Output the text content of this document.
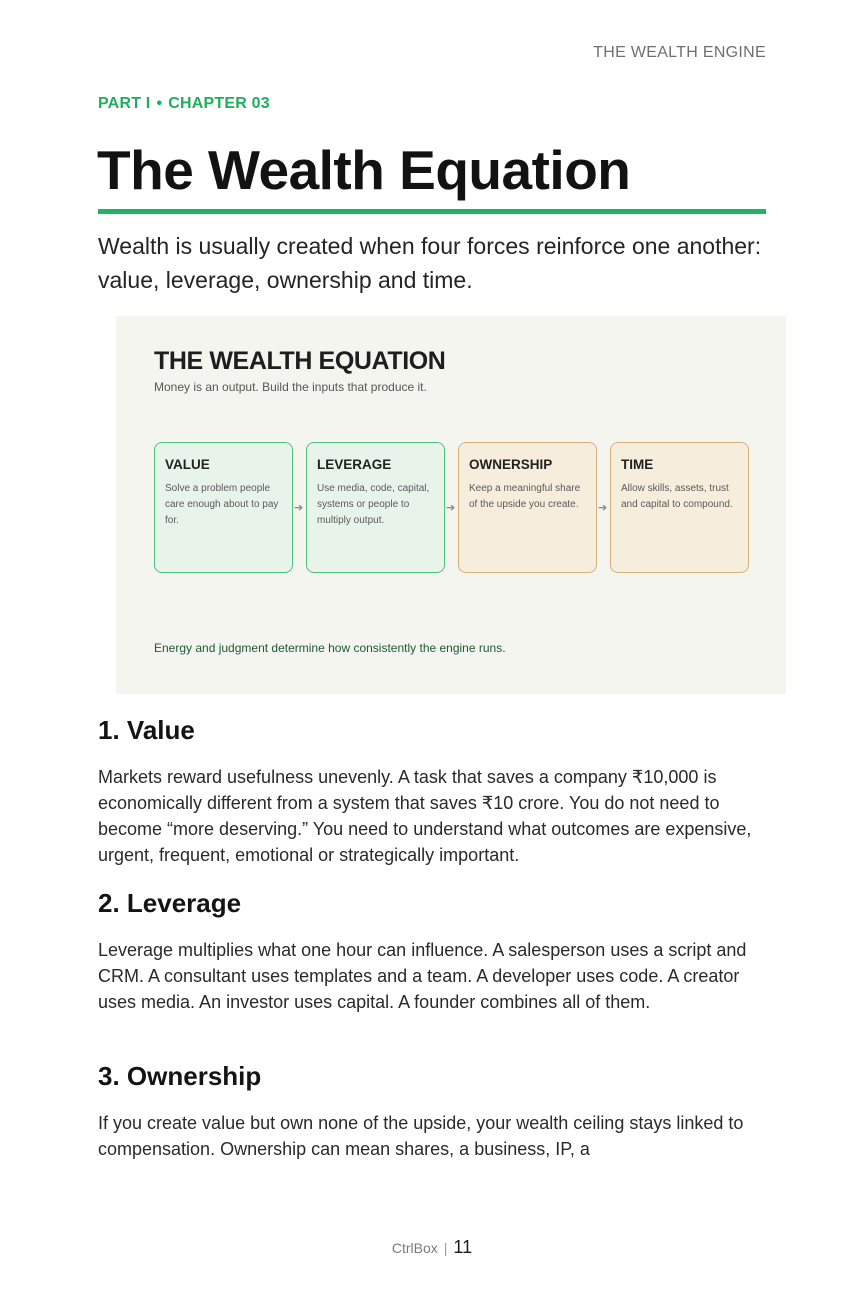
THE WEALTH ENGINE
PART I • CHAPTER 03
The Wealth Equation

Wealth is usually created when four forces reinforce one another: value, leverage, ownership and time.

THE WEALTH EQUATION
Money is an output. Build the inputs that produce it.
VALUE
Solve a problem people care enough about to pay for.
➔
LEVERAGE
Use media, code, capital, systems or people to multiply output.
➔
OWNERSHIP
Keep a meaningful share of the upside you create.	➔
TIME
Allow skills, assets, trust and capital to compound.
Energy and judgment determine how consistently the engine runs.
1. Value

Markets reward usefulness unevenly. A task that saves a company ₹10,000 is economically different from a system that saves ₹10 crore. You do not need to become “more deserving.” You need to understand what outcomes are expensive, urgent, frequent, emotional or strategically important.

2. Leverage

Leverage multiplies what one hour can influence. A salesperson uses a script and CRM. A consultant uses templates and a team. A developer uses code. A creator uses media. An investor uses capital. A founder combines all of them.

3. Ownership

If you create value but own none of the upside, your wealth ceiling stays linked to compensation. Ownership can mean shares, a business, IP, a

CtrlBox | 11
